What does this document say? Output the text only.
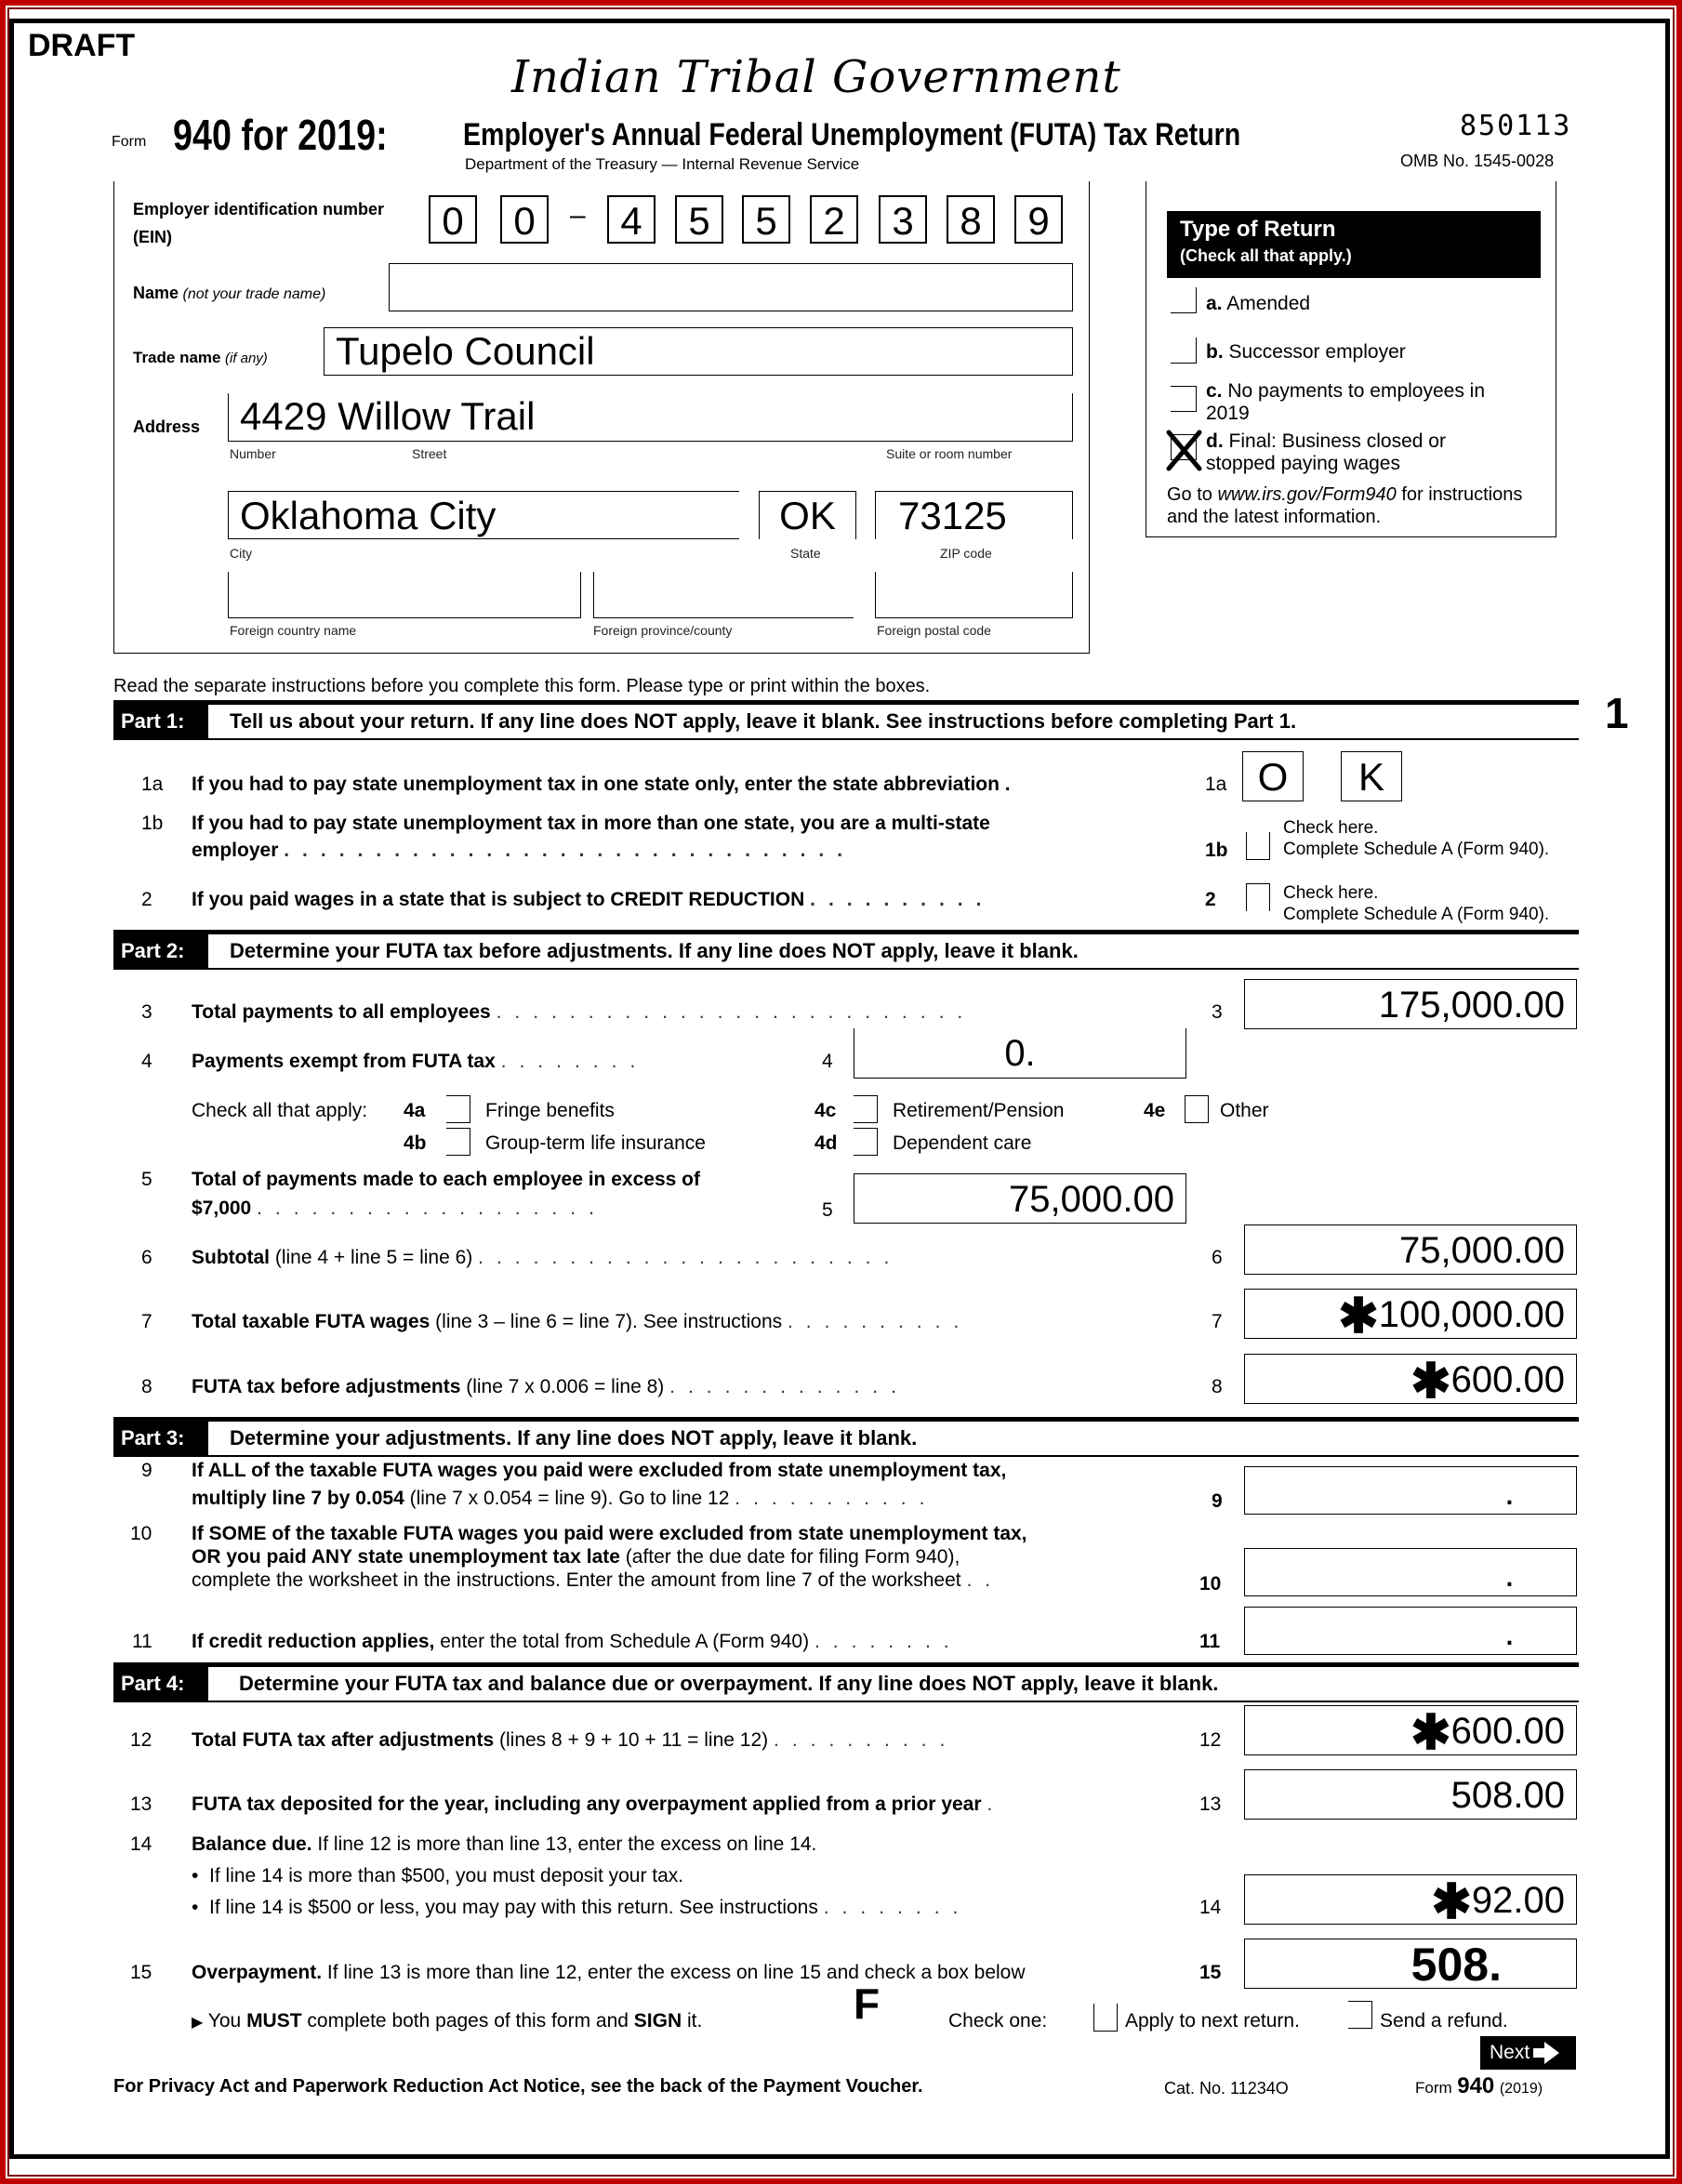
DRAFT
Indian Tribal Government
Form 940 for 2019: Employer's Annual Federal Unemployment (FUTA) Tax Return
Department of the Treasury — Internal Revenue Service
850113
OMB No. 1545-0028
Employer identification number
(EIN)	0	0	– 4	5	5	2	3	8	9
Name (not your trade name)
Trade name (if any)	Tupelo Council
Address	4429 Willow Trail
Number	Street	Suite or room number
Oklahoma City	OK	73125
City	State	ZIP code
Foreign country name	Foreign province/county	Foreign postal code
Type of Return
(Check all that apply.)
a. Amended
b. Successor employer
c. No payments to employees in 2019
d. Final: Business closed or stopped paying wages
Go to www.irs.gov/Form940 for instructions and the latest information.
Read the separate instructions before you complete this form. Please type or print within the boxes.
1
Part 1:	Tell us about your return. If any line does NOT apply, leave it blank. See instructions before completing Part 1.
1a If you had to pay state unemployment tax in one state only, enter the state abbreviation .	1a O	K
1b If you had to pay state unemployment tax in more than one state, you are a multi-state
employer ...............................	1b
Check here.
Complete Schedule A (Form 940).
2 If you paid wages in a state that is subject to CREDIT REDUCTION ..........	2	Check here.
Complete Schedule A (Form 940).
Part 2:	Determine your FUTA tax before adjustments. If any line does NOT apply, leave it blank.
3 Total payments to all employees ..........................	3	175,000.00
4 Payments exempt from FUTA tax ........	4	0.
Check all that apply: 4a	Fringe benefits
4b	Group-term life insurance
4c	Retirement/Pension
4d	Dependent care
4e	Other
5 Total of payments made to each employee in excess of
$7,000 ...................	5	75,000.00
6 Subtotal (line 4 + line 5 = line 6) .......................	6	75,000.00
7 Total taxable FUTA wages (line 3 – line 6 = line 7). See instructions ..........	7	✱100,000.00
8 FUTA tax before adjustments (line 7 x 0.006 = line 8) .............	8	✱600.00
Part 3:	Determine your adjustments. If any line does NOT apply, leave it blank.
9 If ALL of the taxable FUTA wages you paid were excluded from state unemployment tax,
multiply line 7 by 0.054 (line 7 x 0.054 = line 9). Go to line 12 ...........	9	.
10 If SOME of the taxable FUTA wages you paid were excluded from state unemployment tax,
OR you paid ANY state unemployment tax late (after the due date for filing Form 940),
complete the worksheet in the instructions. Enter the amount from line 7 of the worksheet ..	10	.
11 If credit reduction applies, enter the total from Schedule A (Form 940) ........	11	.
Part 4:	Determine your FUTA tax and balance due or overpayment. If any line does NOT apply, leave it blank.
12 Total FUTA tax after adjustments (lines 8 + 9 + 10 + 11 = line 12) ..........	12	✱600.00
13 FUTA tax deposited for the year, including any overpayment applied from a prior year .	13	508.00
14 Balance due. If line 12 is more than line 13, enter the excess on line 14.
•  If line 14 is more than $500, you must deposit your tax.
•  If line 14 is $500 or less, you may pay with this return. See instructions ........	14	✱92.00
15 Overpayment. If line 13 is more than line 12, enter the excess on line 15 and check a box below	15	508.
▶ You MUST complete both pages of this form and SIGN it.	F	Check one:	Apply to next return.	Send a refund.
Next
For Privacy Act and Paperwork Reduction Act Notice, see the back of the Payment Voucher.	Cat. No. 11234O	Form 940 (2019)
